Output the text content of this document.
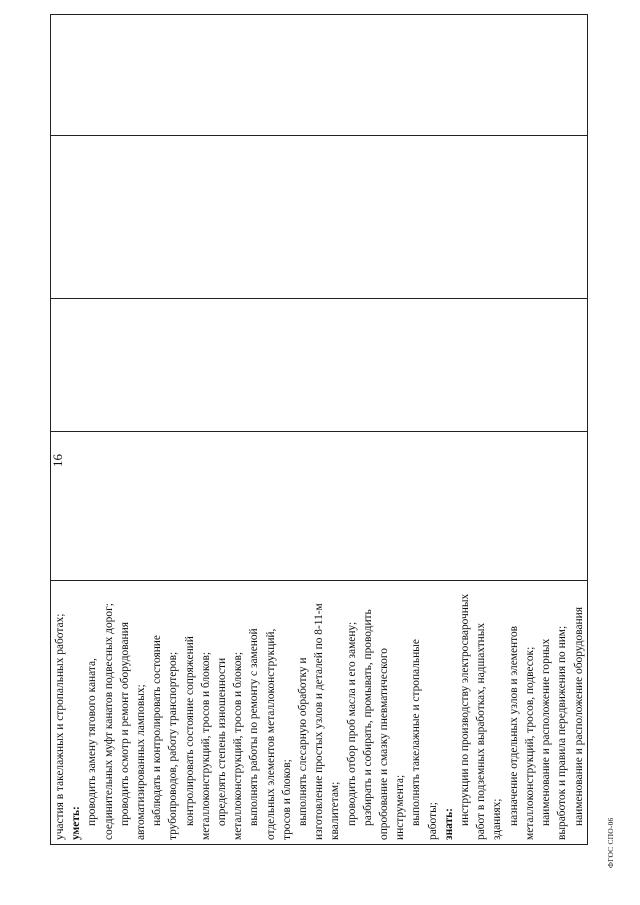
участия в такелажных и стропальных работах; уметь: проводить замену тягового каната, соединительных муфт канатов подвесных дорог; проводить осмотр и ремонт оборудования автоматизированных ламповых; наблюдать и контролировать состояние трубопроводов, работу транспортеров; контролировать состояние сопряжений металлоконструкций, тросов и блоков; определять степень изношенности металлоконструкций, тросов и блоков; выполнять работы по ремонту с заменой отдельных элементов металлоконструкций, тросов и блоков; выполнять слесарную обработку и изготовление простых узлов и деталей по 8-11-м квалитетам; проводить отбор проб масла и его замену; разбирать и собирать, промывать, проводить опробование и смазку пневматического инструмента; выполнять такелажные и стропальные работы; знать: инструкции по производству электросварочных работ в подземных выработках, надшахтных зданиях; назначение отдельных узлов и элементов металлоконструкций, тросов, подвесок; наименование и расположение горных выработок и правила передвижения по ним; наименование и расположение оборудования

16
ФГОС СПО-06
